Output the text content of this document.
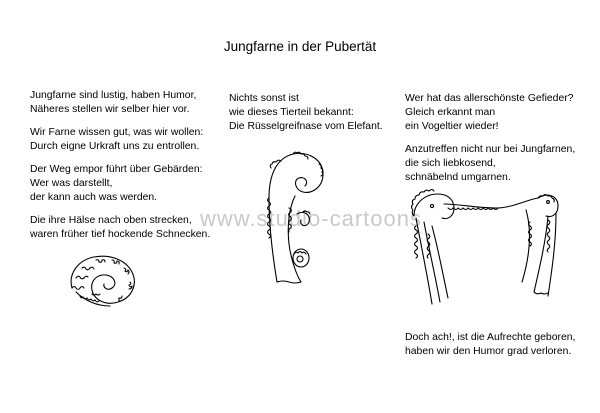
Jungfarne in der Pubertät
www.studio-cartoons
Jungfarne sind lustig, haben Humor,
Näheres stellen wir selber hier vor.
Wir Farne wissen gut, was wir wollen:
Durch eigne Urkraft uns zu entrollen.
Der Weg empor führt über Gebärden:
Wer was darstellt,
der kann auch was werden.
Die ihre Hälse nach oben strecken,
waren früher tief hockende Schnecken.
Nichts sonst ist
wie dieses Tierteil bekannt:
Die Rüsselgreifnase vom Elefant.
Wer hat das allerschönste Gefieder?
Gleich erkannt man
ein Vogeltier wieder!
Anzutreffen nicht nur bei Jungfarnen,
die sich liebkosend,
schnäbelnd umgarnen.
Doch ach!, ist die Aufrechte geboren,
haben wir den Humor grad verloren.
